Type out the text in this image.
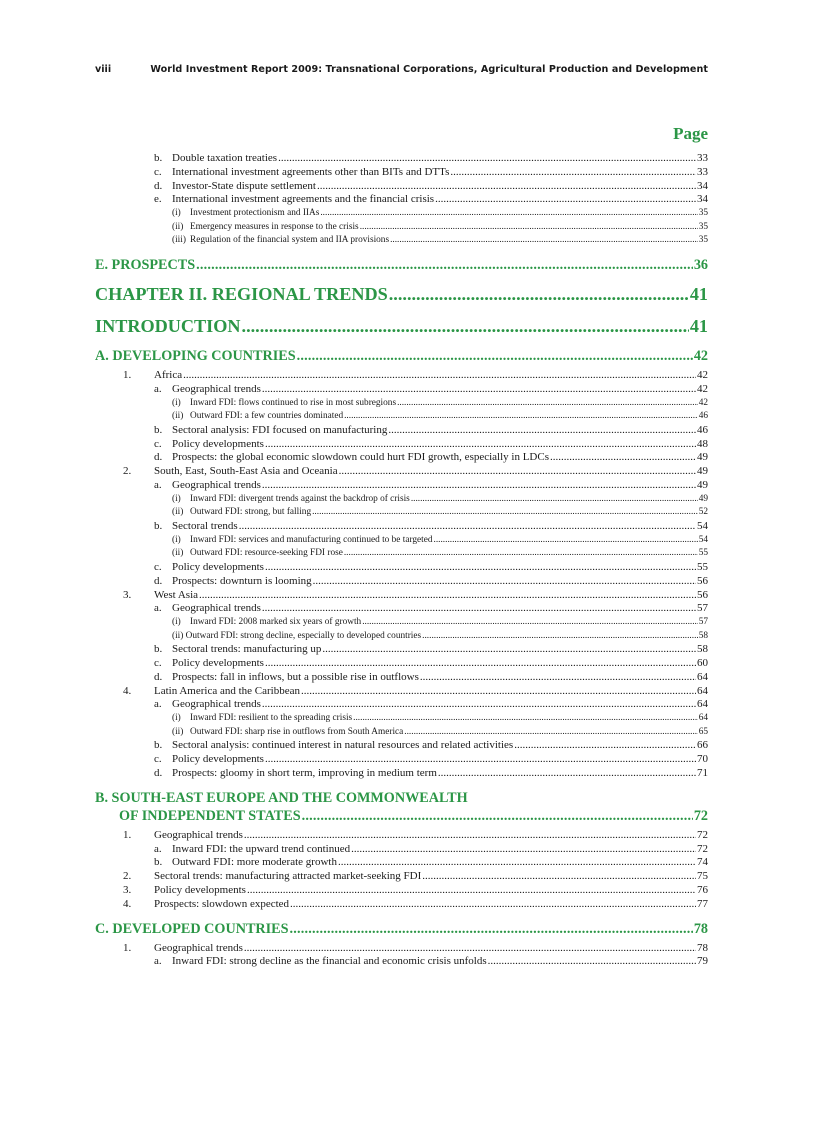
viii	World Investment Report 2009: Transnational Corporations, Agricultural Production and Development
Page
b. Double taxation treaties .....	33
c. International investment agreements other than BITs and DTTs .....	33
d. Investor-State dispute settlement .....	34
e. International investment agreements and the financial crisis .....	34
(i) Investment protectionism and IIAs .....	35
(ii) Emergency measures in response to the crisis .....	35
(iii) Regulation of the financial system and IIA provisions .....	35
E. PROSPECTS .....	36
CHAPTER II. REGIONAL TRENDS .....	41
INTRODUCTION .....	41
A. DEVELOPING COUNTRIES .....	42
1.	Africa .....	42
a. Geographical trends .....	42
(i) Inward FDI: flows continued to rise in most subregions .....	42
(ii) Outward FDI: a few countries dominated .....	46
b. Sectoral analysis: FDI focused on manufacturing .....	46
c. Policy developments .....	48
d. Prospects: the global economic slowdown could hurt FDI growth, especially in LDCs .....	49
2.	South, East, South-East Asia and Oceania .....	49
a. Geographical trends .....	49
(i) Inward FDI: divergent trends against the backdrop of crisis .....	49
(ii) Outward FDI: strong, but falling .....	52
b. Sectoral trends .....	54
(i) Inward FDI: services and manufacturing continued to be targeted .....	54
(ii) Outward FDI: resource-seeking FDI rose .....	55
c. Policy developments .....	55
d. Prospects: downturn is looming .....	56
3.	West Asia .....	56
a. Geographical trends .....	57
(i) Inward FDI: 2008 marked six years of growth .....	57
(ii) Outward FDI: strong decline, especially to developed countries .....	58
b. Sectoral trends: manufacturing up .....	58
c. Policy developments .....	60
d. Prospects: fall in inflows, but a possible rise in outflows .....	64
4.	Latin America and the Caribbean .....	64
a. Geographical trends .....	64
(i) Inward FDI: resilient to the spreading crisis .....	64
(ii) Outward FDI: sharp rise in outflows from South America .....	65
b. Sectoral analysis: continued interest in natural resources and related activities .....	66
c. Policy developments .....	70
d. Prospects: gloomy in short term, improving in medium term .....	71
B. SOUTH-EAST EUROPE AND THE COMMONWEALTH
OF INDEPENDENT STATES .....	72
1.	Geographical trends .....	72
a. Inward FDI: the upward trend continued .....	72
b. Outward FDI: more moderate growth .....	74
2.	Sectoral trends: manufacturing attracted market-seeking FDI .....	75
3.	Policy developments .....	76
4.	Prospects: slowdown expected .....	77
C. DEVELOPED COUNTRIES .....	78
1.	Geographical trends .....	78
a. Inward FDI: strong decline as the financial and economic crisis unfolds .....	79
